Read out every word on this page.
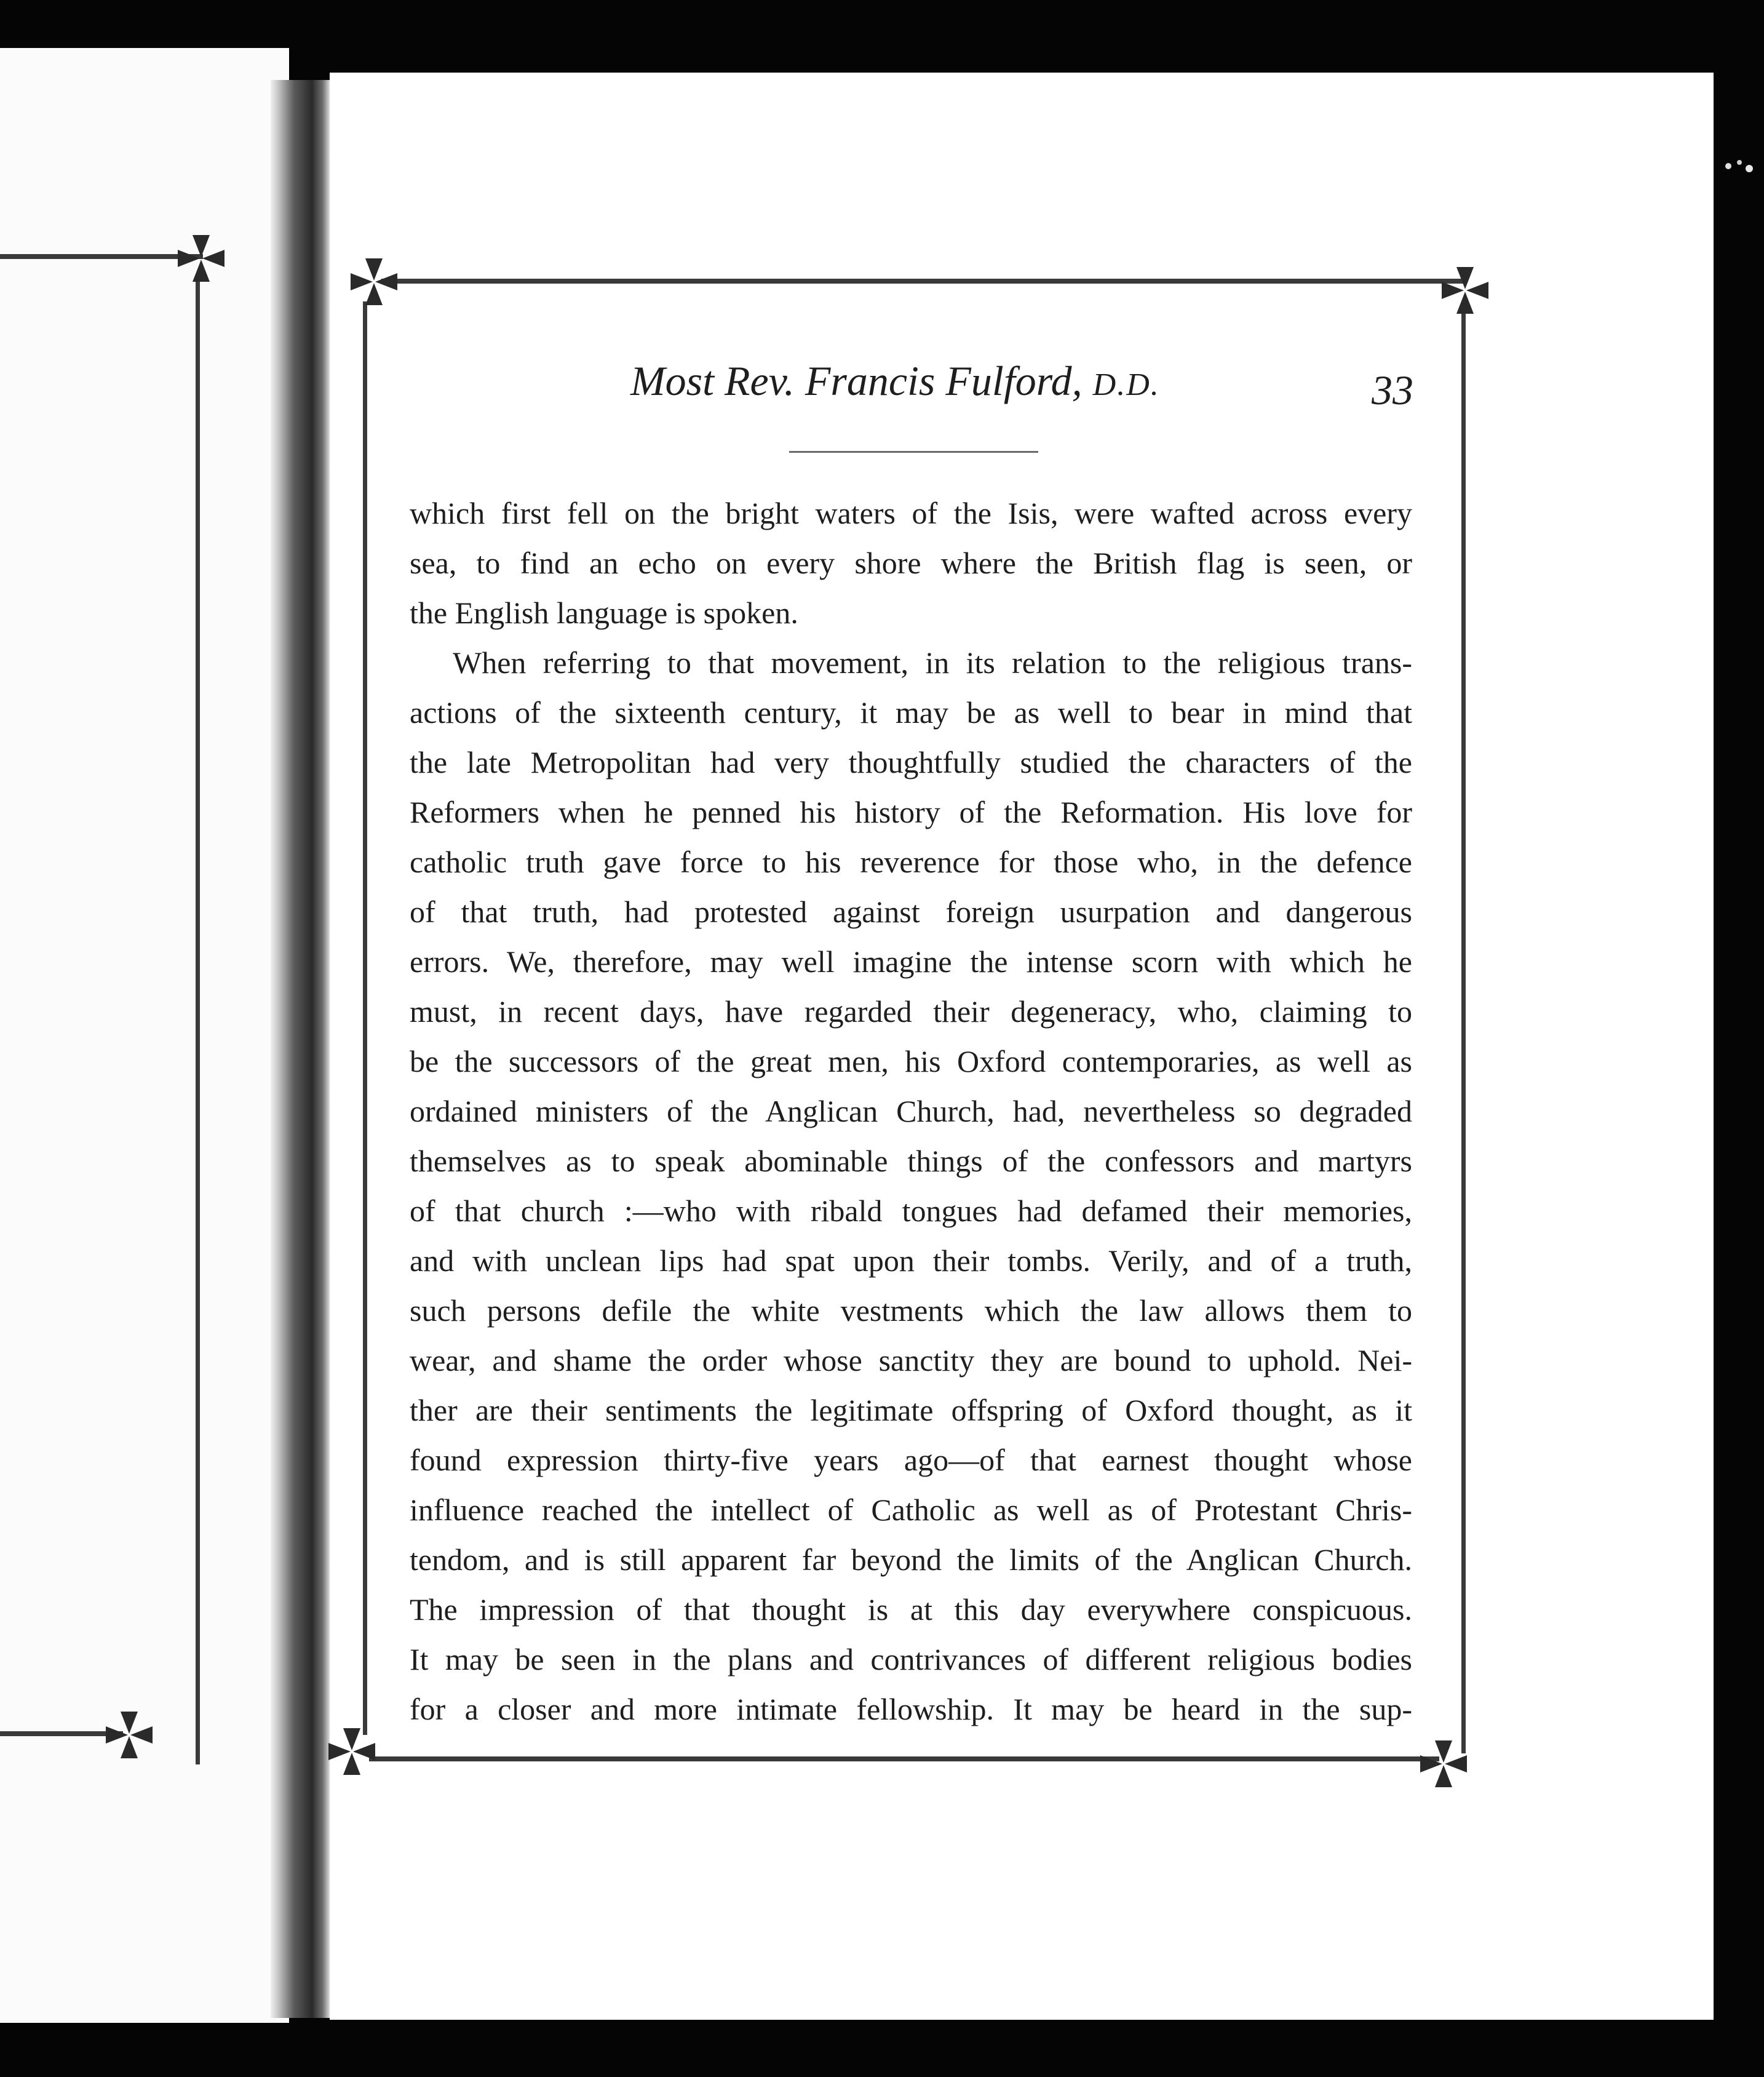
Most Rev. Francis Fulford, D.D.	33
which first fell on the bright waters of the Isis, were wafted across every
sea, to find an echo on every shore where the British flag is seen, or
the English language is spoken.
When referring to that movement, in its relation to the religious trans-
actions of the sixteenth century, it may be as well to bear in mind that
the late Metropolitan had very thoughtfully studied the characters of the
Reformers when he penned his history of the Reformation. His love for
catholic truth gave force to his reverence for those who, in the defence
of that truth, had protested against foreign usurpation and dangerous
errors. We, therefore, may well imagine the intense scorn with which he
must, in recent days, have regarded their degeneracy, who, claiming to
be the successors of the great men, his Oxford contemporaries, as well as
ordained ministers of the Anglican Church, had, nevertheless so degraded
themselves as to speak abominable things of the confessors and martyrs
of that church :—who with ribald tongues had defamed their memories,
and with unclean lips had spat upon their tombs. Verily, and of a truth,
such persons defile the white vestments which the law allows them to
wear, and shame the order whose sanctity they are bound to uphold. Nei-
ther are their sentiments the legitimate offspring of Oxford thought, as it
found expression thirty-five years ago—of that earnest thought whose
influence reached the intellect of Catholic as well as of Protestant Chris-
tendom, and is still apparent far beyond the limits of the Anglican Church.
The impression of that thought is at this day everywhere conspicuous.
It may be seen in the plans and contrivances of different religious bodies
for a closer and more intimate fellowship. It may be heard in the sup-
